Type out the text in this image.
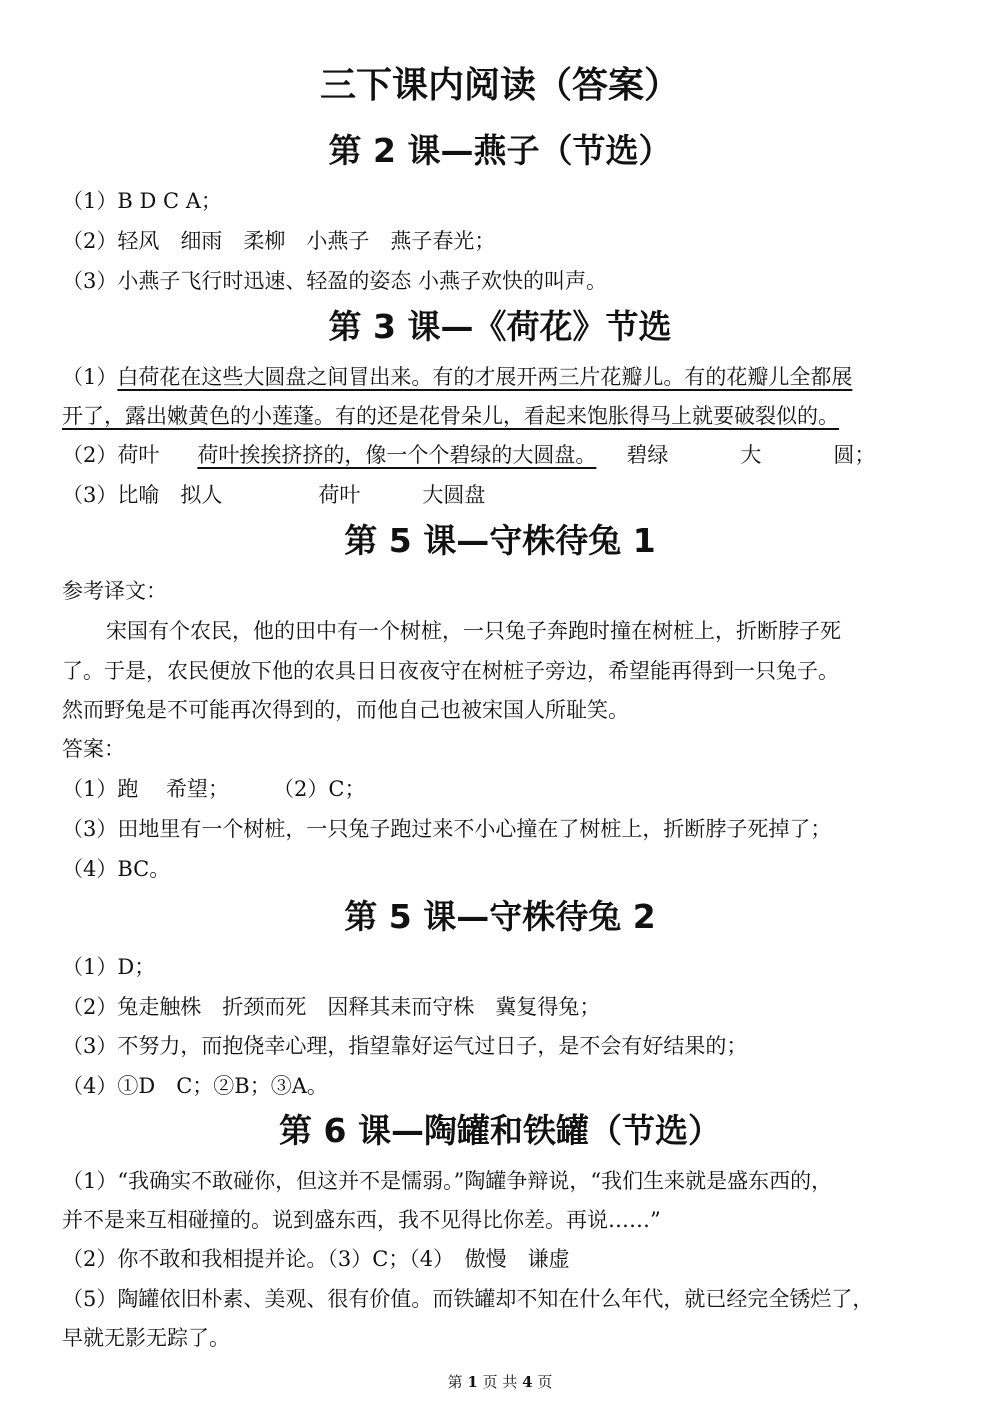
三下课内阅读（答案）
第 2 课—燕子（节选）

（1）B D C A；

（2）轻风　细雨　柔柳　小燕子　燕子春光；

（3）小燕子飞行时迅速、轻盈的姿态 小燕子欢快的叫声。

第 3 课—《荷花》节选

（1）白荷花在这些大圆盘之间冒出来。有的才展开两三片花瓣儿。有的花瓣儿全都展

开了，露出嫩黄色的小莲蓬。有的还是花骨朵儿，看起来饱胀得马上就要破裂似的。

（2）荷叶 荷叶挨挨挤挤的，像一个个碧绿的大圆盘。 碧绿	大	圆；

（3）比喻　拟人	荷叶	大圆盘

第 5 课—守株待兔 1

参考译文：

宋国有个农民，他的田中有一个树桩，一只兔子奔跑时撞在树桩上，折断脖子死

了。于是，农民便放下他的农具日日夜夜守在树桩子旁边，希望能再得到一只兔子。

然而野兔是不可能再次得到的，而他自己也被宋国人所耻笑。

答案：

（1）跑　 希望； （2）C；

（3）田地里有一个树桩，一只兔子跑过来不小心撞在了树桩上，折断脖子死掉了；

（4）BC。

第 5 课—守株待兔 2

（1）D；

（2）兔走触株　折颈而死　因释其耒而守株　冀复得兔；

（3）不努力，而抱侥幸心理，指望靠好运气过日子，是不会有好结果的；

（4）①D　C；②B；③A。

第 6 课—陶罐和铁罐（节选）

（1）“我确实不敢碰你，但这并不是懦弱。”陶罐争辩说，“我们生来就是盛东西的，

并不是来互相碰撞的。说到盛东西，我不见得比你差。再说……”

（2）你不敢和我相提并论。（3）C；（4）　傲慢　谦虚

（5）陶罐依旧朴素、美观、很有价值。而铁罐却不知在什么年代，就已经完全锈烂了，

早就无影无踪了。

第 1 页 共 4 页
